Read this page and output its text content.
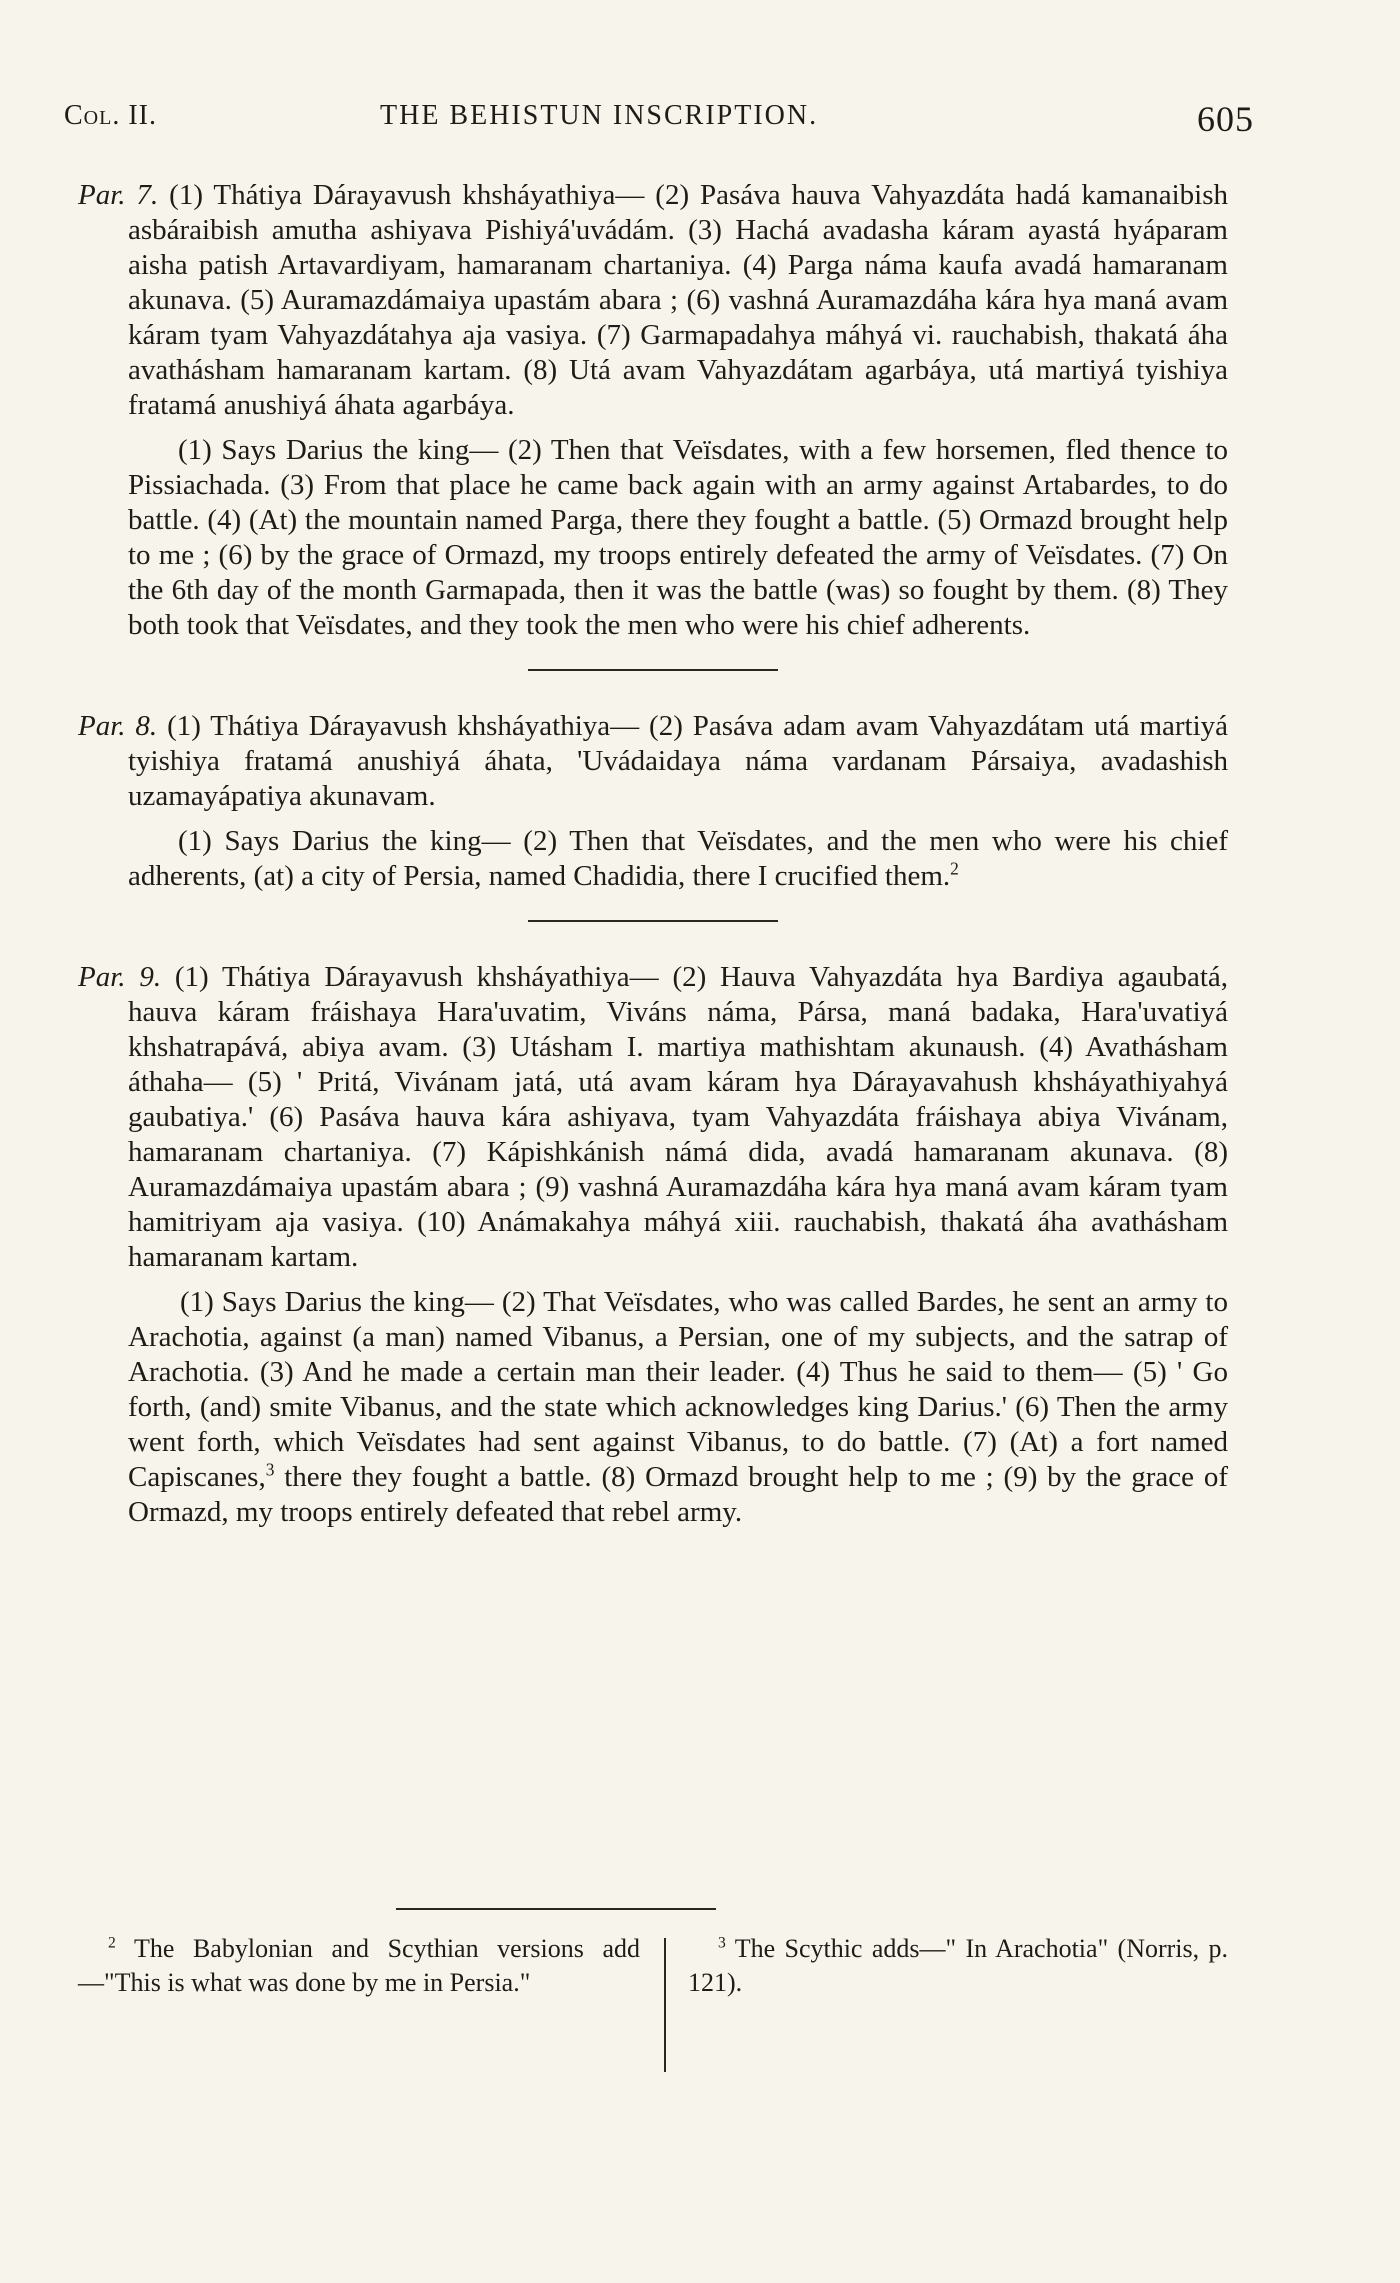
Col. II.	THE BEHISTUN INSCRIPTION.	605

Par. 7. (1) Thátiya Dárayavush khsháyathiya— (2) Pasáva hauva Vahyazdáta hadá kamanaibish asbáraibish amutha ashiyava Pishiyá'uvádám. (3) Hachá avadasha káram ayastá hyáparam aisha patish Artavardiyam, hamaranam chartaniya. (4) Parga náma kaufa avadá hamaranam akunava. (5) Auramazdámaiya upastám abara ; (6) vashná Auramazdáha kára hya maná avam káram tyam Vahyazdátahya aja vasiya. (7) Garmapadahya máhyá vi. rauchabish, thakatá áha avathásham hamaranam kartam. (8) Utá avam Vahyazdátam agarbáya, utá martiyá tyishiya fratamá anushiyá áhata agarbáya.

(1) Says Darius the king— (2) Then that Veïsdates, with a few horsemen, fled thence to Pissiachada. (3) From that place he came back again with an army against Artabardes, to do battle. (4) (At) the mountain named Parga, there they fought a battle. (5) Ormazd brought help to me ; (6) by the grace of Ormazd, my troops entirely defeated the army of Veïsdates. (7) On the 6th day of the month Garmapada, then it was the battle (was) so fought by them. (8) They both took that Veïsdates, and they took the men who were his chief adherents.

Par. 8. (1) Thátiya Dárayavush khsháyathiya— (2) Pasáva adam avam Vahyazdátam utá martiyá tyishiya fratamá anushiyá áhata, 'Uvádaidaya náma vardanam Pársaiya, avadashish uzamayápatiya akunavam.

(1) Says Darius the king— (2) Then that Veïsdates, and the men who were his chief adherents, (at) a city of Persia, named Chadidia, there I crucified them.$^2$

Par. 9. (1) Thátiya Dárayavush khsháyathiya— (2) Hauva Vahyazdáta hya Bardiya agaubatá, hauva káram fráishaya Hara'uvatim, Viváns náma, Pársa, maná badaka, Hara'uvatiyá khshatrapává, abiya avam. (3) Utásham I. martiya mathishtam akunaush. (4) Avathásham áthaha— (5) ' Pritá, Vivánam jatá, utá avam káram hya Dárayavahush khsháyathiyahyá gaubatiya.' (6) Pasáva hauva kára ashiyava, tyam Vahyazdáta fráishaya abiya Vivánam, hamaranam chartaniya. (7) Kápishkánish námá dida, avadá hamaranam akunava. (8) Auramazdámaiya upastám abara ; (9) vashná Auramazdáha kára hya maná avam káram tyam hamitriyam aja vasiya. (10) Anámakahya máhyá xiii. rauchabish, thakatá áha avathásham hamaranam kartam.

(1) Says Darius the king— (2) That Veïsdates, who was called Bardes, he sent an army to Arachotia, against (a man) named Vibanus, a Persian, one of my subjects, and the satrap of Arachotia. (3) And he made a certain man their leader. (4) Thus he said to them— (5) ' Go forth, (and) smite Vibanus, and the state which acknowledges king Darius.' (6) Then the army went forth, which Veïsdates had sent against Vibanus, to do battle. (7) (At) a fort named Capiscanes,$^3$ there they fought a battle. (8) Ormazd brought help to me ; (9) by the grace of Ormazd, my troops entirely defeated that rebel army.

$^2$ The Babylonian and Scythian versions add—"This is what was done by me in Persia."
$^3$ The Scythic adds—" In Arachotia" (Norris, p. 121).
